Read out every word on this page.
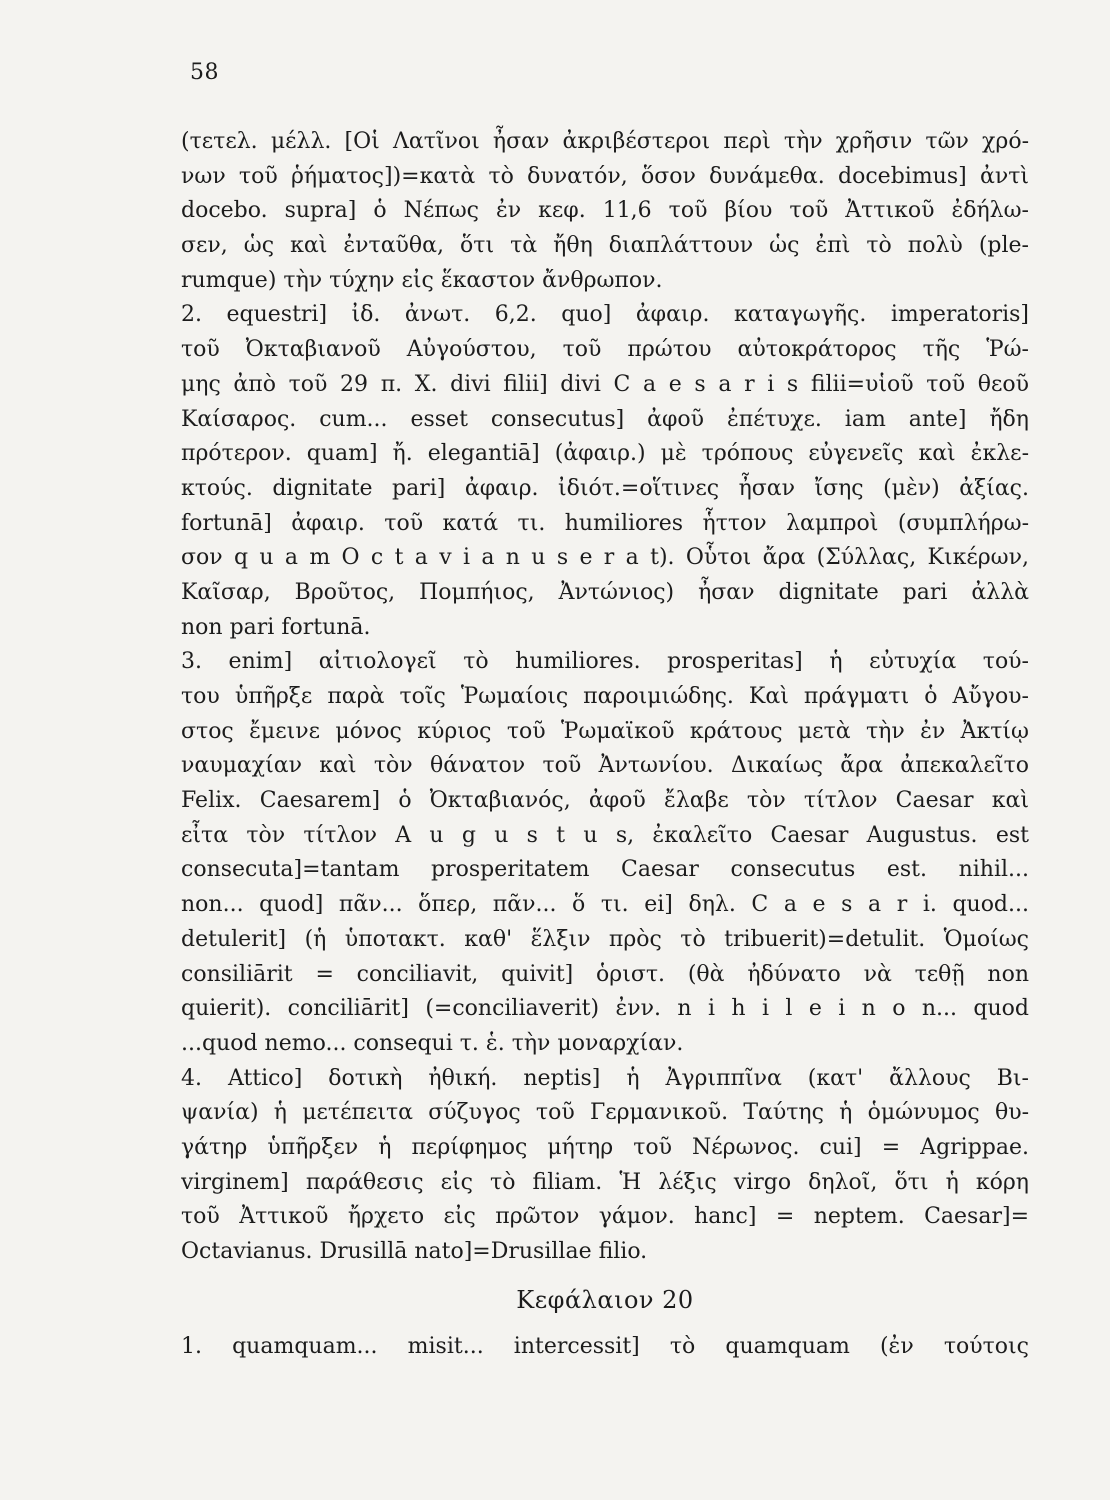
58
(τετελ. μέλλ. [Οἱ Λατῖνοι ἦσαν ἀκριβέστεροι περὶ τὴν χρῆσιν τῶν χρό-
νων τοῦ ῥήματος])=κατὰ τὸ δυνατόν, ὅσον δυνάμεθα. docebimus] ἀντὶ
docebo. supra] ὁ Νέπως ἐν κεφ. 11,6 τοῦ βίου τοῦ Ἀττικοῦ ἐδήλω-
σεν, ὡς καὶ ἐνταῦθα, ὅτι τὰ ἤθη διαπλάττουν ὡς ἐπὶ τὸ πολὺ (ple-
rumque) τὴν τύχην εἰς ἕκαστον ἄνθρωπον.
2. equestri] ἰδ. ἀνωτ. 6,2. quo] ἀφαιρ. καταγωγῆς. imperatoris]
τοῦ Ὀκταβιανοῦ Αὐγούστου, τοῦ πρώτου αὐτοκράτορος τῆς Ῥώ-
μης ἀπὸ τοῦ 29 π. Χ. divi filii] divi C a e s a r i s filii=υἱοῦ τοῦ θεοῦ
Καίσαρος. cum... esset consecutus] ἀφοῦ ἐπέτυχε. iam ante] ἤδη
πρότερον. quam] ἤ. elegantiā] (ἀφαιρ.) μὲ τρόπους εὐγενεῖς καὶ ἐκλε-
κτούς. dignitate pari] ἀφαιρ. ἰδιότ.=οἵτινες ἦσαν ἴσης (μὲν) ἀξίας.
fortunā] ἀφαιρ. τοῦ κατά τι. humiliores ἧττον λαμπροὶ (συμπλήρω-
σον q u a m O c t a v i a n u s e r a t). Οὗτοι ἄρα (Σύλλας, Κικέρων,
Καῖσαρ, Βροῦτος, Πομπήιος, Ἀντώνιος) ἦσαν dignitate pari ἀλλὰ
non pari fortunā.
3. enim] αἰτιολογεῖ τὸ humiliores. prosperitas] ἡ εὐτυχία τού-
του ὑπῆρξε παρὰ τοῖς Ῥωμαίοις παροιμιώδης. Καὶ πράγματι ὁ Αὔγου-
στος ἔμεινε μόνος κύριος τοῦ Ῥωμαϊκοῦ κράτους μετὰ τὴν ἐν Ἀκτίῳ
ναυμαχίαν καὶ τὸν θάνατον τοῦ Ἀντωνίου. Δικαίως ἄρα ἀπεκαλεῖτο
Felix. Caesarem] ὁ Ὀκταβιανός, ἀφοῦ ἔλαβε τὸν τίτλον Caesar καὶ
εἶτα τὸν τίτλον A u g u s t u s, ἐκαλεῖτο Caesar Augustus. est
consecuta]=tantam prosperitatem Caesar consecutus est. nihil...
non... quod] πᾶν... ὅπερ, πᾶν... ὅ τι. ei] δηλ. C a e s a r i. quod...
detulerit] (ἡ ὑποτακτ. καθ' ἕλξιν πρὸς τὸ tribuerit)=detulit. Ὁμοίως
consiliārit = conciliavit, quivit] ὁριστ. (θὰ ἠδύνατο νὰ τεθῇ non
quierit). conciliārit] (=conciliaverit) ἐνν. n i h i l e i n o n... quod
...quod nemo... consequi τ. ἑ. τὴν μοναρχίαν.
4. Attico] δοτικὴ ἠθική. neptis] ἡ Ἀγριππῖνα (κατ' ἄλλους Βι-
ψανία) ἡ μετέπειτα σύζυγος τοῦ Γερμανικοῦ. Ταύτης ἡ ὁμώνυμος θυ-
γάτηρ ὑπῆρξεν ἡ περίφημος μήτηρ τοῦ Νέρωνος. cui] = Agrippae.
virginem] παράθεσις εἰς τὸ filiam. Ἡ λέξις virgo δηλοῖ, ὅτι ἡ κόρη
τοῦ Ἀττικοῦ ἤρχετο εἰς πρῶτον γάμον. hanc] = neptem. Caesar]=
Octavianus. Drusillā nato]=Drusillae filio.
Κεφάλαιον 20
1. quamquam... misit... intercessit] τὸ quamquam (ἐν τούτοις
